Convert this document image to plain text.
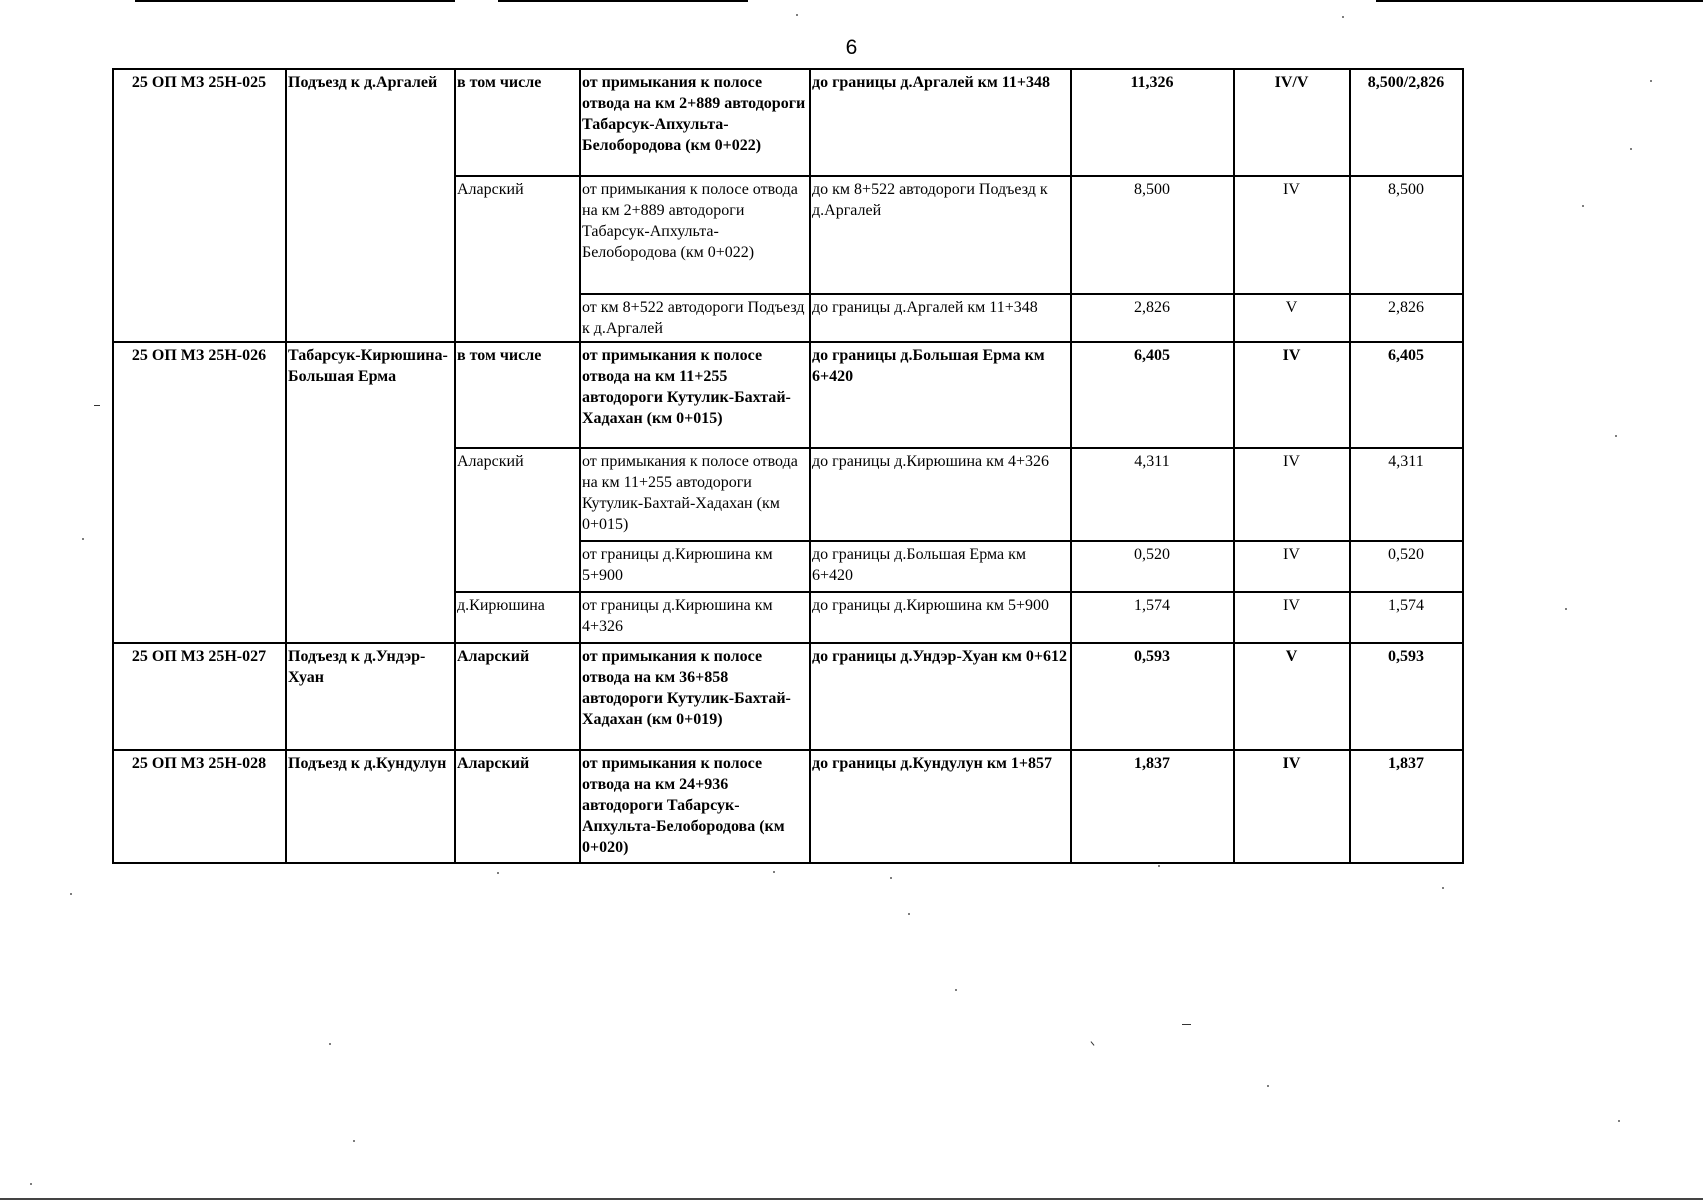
6
25 ОП МЗ 25Н-025	Подъезд к д.Аргалей	в том числе	от примыкания к полосе отвода на км 2+889 автодороги Табарсук-Апхульта-Белобородова (км 0+022)	до границы д.Аргалей км 11+348	11,326	IV/V	8,500/2,826
		Аларский	от примыкания к полосе отвода на км 2+889 автодороги Табарсук-Апхульта-Белобородова (км 0+022)	до км 8+522 автодороги Подъезд к д.Аргалей	8,500	IV	8,500
			от км 8+522 автодороги Подъезд к д.Аргалей	до границы д.Аргалей км 11+348	2,826	V	2,826
25 ОП МЗ 25Н-026	Табарсук-Кирюшина-Большая Ерма	в том числе	от примыкания к полосе отвода на км 11+255 автодороги Кутулик-Бахтай-Хадахан (км 0+015)	до границы д.Большая Ерма км 6+420	6,405	IV	6,405
		Аларский	от примыкания к полосе отвода на км 11+255 автодороги Кутулик-Бахтай-Хадахан (км 0+015)	до границы д.Кирюшина км 4+326	4,311	IV	4,311
			от границы д.Кирюшина км 5+900	до границы д.Большая Ерма км 6+420	0,520	IV	0,520
		д.Кирюшина	от границы д.Кирюшина км 4+326	до границы д.Кирюшина км 5+900	1,574	IV	1,574
25 ОП МЗ 25Н-027	Подъезд к д.Ундэр-Хуан	Аларский	от примыкания к полосе отвода на км 36+858 автодороги Кутулик-Бахтай-Хадахан (км 0+019)	до границы д.Ундэр-Хуан км 0+612	0,593	V	0,593
25 ОП МЗ 25Н-028	Подъезд к д.Кундулун	Аларский	от примыкания к полосе отвода на км 24+936 автодороги Табарсук-Апхульта-Белобородова (км 0+020)	до границы д.Кундулун км 1+857	1,837	IV	1,837
